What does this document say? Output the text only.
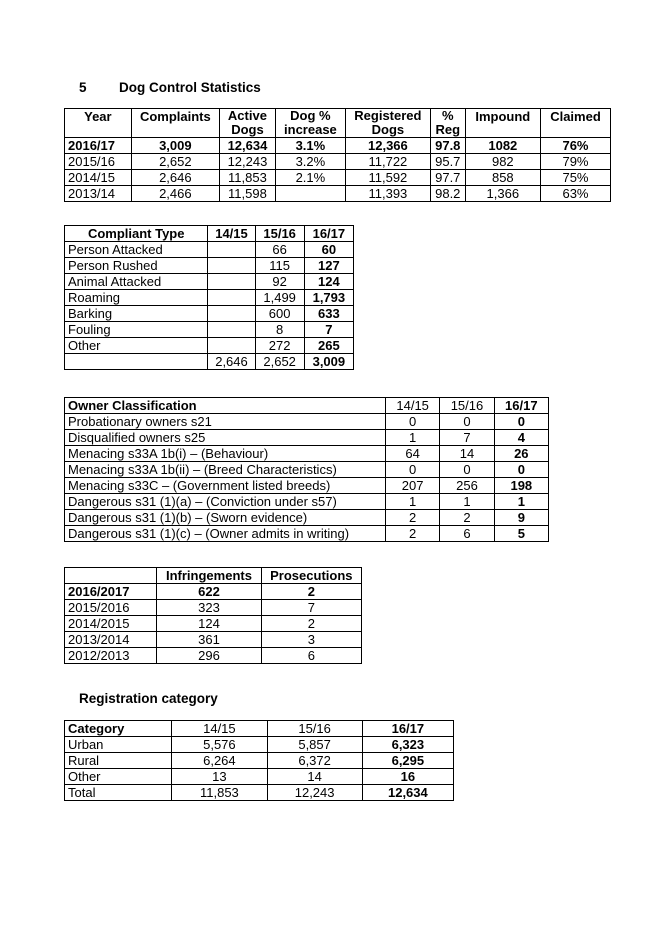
5 Dog Control Statistics
Year	Complaints	Active Dogs	Dog % increase	Registered Dogs	% Reg	Impound	Claimed
2016/17	3,009	12,634	3.1%	12,366	97.8	1082	76%
2015/16	2,652	12,243	3.2%	11,722	95.7	982	79%
2014/15	2,646	11,853	2.1%	11,592	97.7	858	75%
2013/14	2,466	11,598		11,393	98.2	1,366	63%
Compliant Type	14/15	15/16	16/17
Person Attacked		66	60
Person Rushed		115	127
Animal Attacked		92	124
Roaming		1,499	1,793
Barking		600	633
Fouling		8	7
Other		272	265
	2,646	2,652	3,009
Owner Classification	14/15	15/16	16/17
Probationary owners s21	0	0	0
Disqualified owners s25	1	7	4
Menacing s33A 1b(i) – (Behaviour)	64	14	26
Menacing s33A 1b(ii) – (Breed Characteristics)	0	0	0
Menacing s33C – (Government listed breeds)	207	256	198
Dangerous s31 (1)(a) – (Conviction under s57)	1	1	1
Dangerous s31 (1)(b) – (Sworn evidence)	2	2	9
Dangerous s31 (1)(c) – (Owner admits in writing)	2	6	5
	Infringements	Prosecutions
2016/2017	622	2
2015/2016	323	7
2014/2015	124	2
2013/2014	361	3
2012/2013	296	6
Registration category
Category	14/15	15/16	16/17
Urban	5,576	5,857	6,323
Rural	6,264	6,372	6,295
Other	13	14	16
Total	11,853	12,243	12,634
